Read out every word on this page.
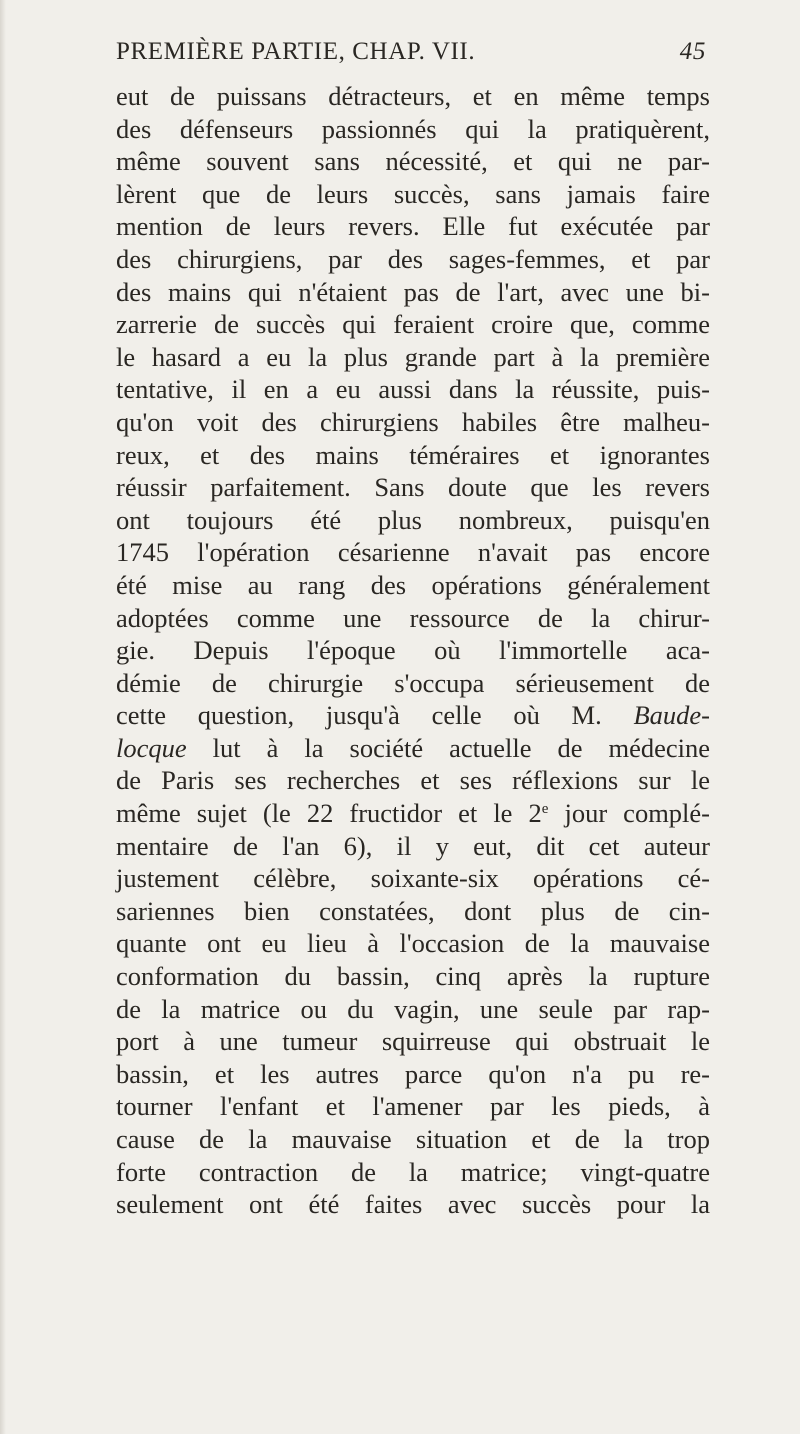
PREMIÈRE PARTIE, CHAP. VII.	45
eut de puissans détracteurs, et en même temps
des défenseurs passionnés qui la pratiquèrent,
même souvent sans nécessité, et qui ne par-
lèrent que de leurs succès, sans jamais faire
mention de leurs revers. Elle fut exécutée par
des chirurgiens, par des sages-femmes, et par
des mains qui n'étaient pas de l'art, avec une bi-
zarrerie de succès qui feraient croire que, comme
le hasard a eu la plus grande part à la première
tentative, il en a eu aussi dans la réussite, puis-
qu'on voit des chirurgiens habiles être malheu-
reux, et des mains téméraires et ignorantes
réussir parfaitement. Sans doute que les revers
ont toujours été plus nombreux, puisqu'en
1745 l'opération césarienne n'avait pas encore
été mise au rang des opérations généralement
adoptées comme une ressource de la chirur-
gie. Depuis l'époque où l'immortelle aca-
démie de chirurgie s'occupa sérieusement de
cette question, jusqu'à celle où M. Baude-
locque lut à la société actuelle de médecine
de Paris ses recherches et ses réflexions sur le
même sujet (le 22 fructidor et le 2e jour complé-
mentaire de l'an 6), il y eut, dit cet auteur
justement célèbre, soixante-six opérations cé-
sariennes bien constatées, dont plus de cin-
quante ont eu lieu à l'occasion de la mauvaise
conformation du bassin, cinq après la rupture
de la matrice ou du vagin, une seule par rap-
port à une tumeur squirreuse qui obstruait le
bassin, et les autres parce qu'on n'a pu re-
tourner l'enfant et l'amener par les pieds, à
cause de la mauvaise situation et de la trop
forte contraction de la matrice; vingt-quatre
seulement ont été faites avec succès pour la
